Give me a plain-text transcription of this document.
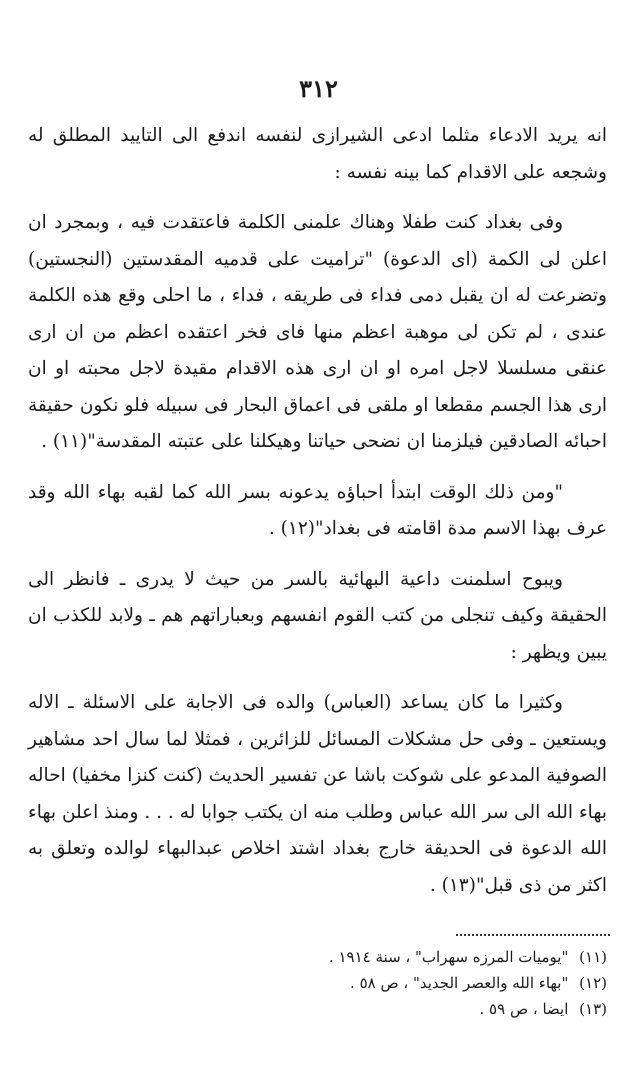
٣١٢

انه يريد الادعاء مثلما ادعى الشيرازى لنفسه اندفع الى التاييد المطلق له وشجعه على الاقدام كما بينه نفسه :

وفى بغداد كنت طفلا وهناك علمنى الكلمة فاعتقدت فيه ، وبمجرد ان اعلن لى الكمة (اى الدعوة) "تراميت على قدميه المقدستين (النجستين) وتضرعت له ان يقبل دمى فداء فى طريقه ، فداء ، ما احلى وقع هذه الكلمة عندى ، لم تكن لى موهبة اعظم منها فاى فخر اعتقده اعظم من ان ارى عنقى مسلسلا لاجل امره او ان ارى هذه الاقدام مقيدة لاجل محبته او ان ارى هذا الجسم مقطعا او ملقى فى اعماق البحار فى سبيله فلو نكون حقيقة احبائه الصادقين فيلزمنا ان نضحى حياتنا وهيكلنا على عتبته المقدسة"(١١) .

"ومن ذلك الوقت ابتدأ احباؤه يدعونه بسر الله كما لقبه بهاء الله وقد عرف بهذا الاسم مدة اقامته فى بغداد"(١٢) .

ويبوح اسلمنت داعية البهائية بالسر من حيث لا يدرى ـ فانظر الى الحقيقة وكيف تنجلى من كتب القوم انفسهم وبعباراتهم هم ـ ولابد للكذب ان يبين ويظهر :

وكثيرا ما كان يساعد (العباس) والده فى الاجابة على الاسئلة ـ الاله ويستعين ـ وفى حل مشكلات المسائل للزائرين ، فمثلا لما سال احد مشاهير الصوفية المدعو على شوكت باشا عن تفسير الحديث (كنت كنزا مخفيا) احاله بهاء الله الى سر الله عباس وطلب منه ان يكتب جوابا له . . . ومنذ اعلن بهاء الله الدعوة فى الحديقة خارج بغداد اشتد اخلاص عبدالبهاء لوالده وتعلق به اكثر من ذى قبل"(١٣) .

(١١) "يوميات المرزه سهراب" ، سنة ١٩١٤ .

(١٢) "بهاء الله والعصر الجديد" ، ص ٥٨ .

(١٣) ايضا ، ص ٥٩ .
